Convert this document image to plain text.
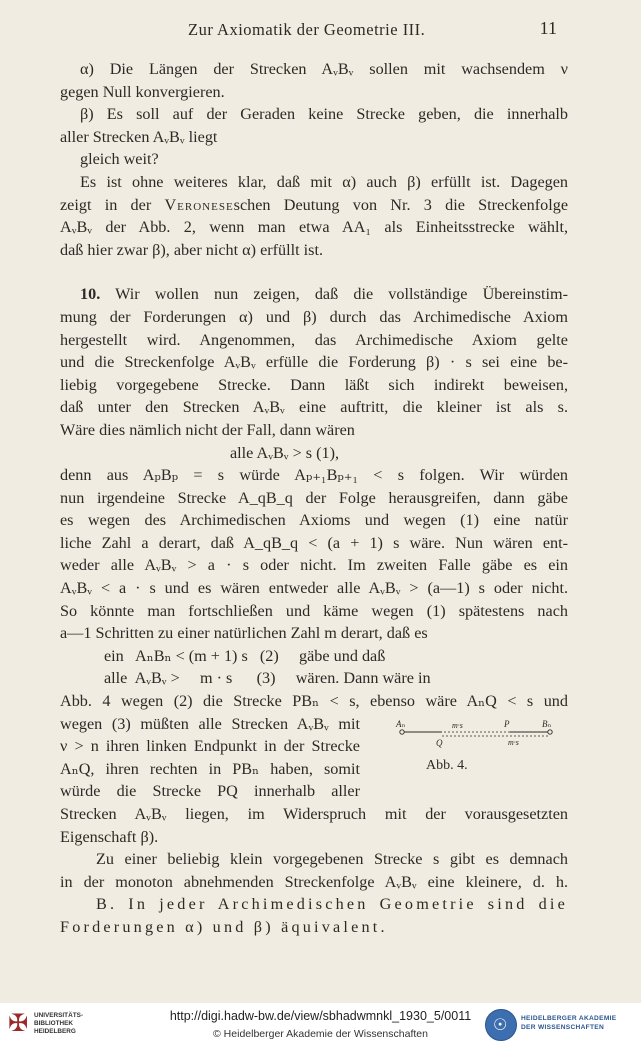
Zur Axiomatik der Geometrie III.	11
α) Die Längen der Strecken AᵥBᵥ sollen mit wachsendem ν
gegen Null konvergieren.
β) Es soll auf der Geraden keine Strecke geben, die innerhalb
aller Strecken AᵥBᵥ liegt
gleich weit?
Es ist ohne weiteres klar, daß mit α) auch β) erfüllt ist. Dagegen
zeigt in der Veroneseschen Deutung von Nr. 3 die Streckenfolge
AᵥBᵥ der Abb. 2, wenn man etwa AA₁ als Einheitsstrecke wählt,
daß hier zwar β), aber nicht α) erfüllt ist.
10. Wir wollen nun zeigen, daß die vollständige Übereinstim-
mung der Forderungen α) und β) durch das Archimedische Axiom
hergestellt wird. Angenommen, das Archimedische Axiom gelte
und die Streckenfolge AᵥBᵥ erfülle die Forderung β) · s sei eine be-
liebig vorgegebene Strecke. Dann läßt sich indirekt beweisen,
daß unter den Strecken AᵥBᵥ eine auftritt, die kleiner ist als s.
Wäre dies nämlich nicht der Fall, dann wären
alle AᵥBᵥ > s (1),
denn aus AₚBₚ = s würde Aₚ₊₁Bₚ₊₁ < s folgen. Wir würden
nun irgendeine Strecke A_qB_q der Folge herausgreifen, dann gäbe
es wegen des Archimedischen Axioms und wegen (1) eine natür
liche Zahl a derart, daß A_qB_q < (a + 1) s wäre. Nun wären ent-
weder alle AᵥBᵥ > a · s oder nicht. Im zweiten Falle gäbe es ein
AᵥBᵥ < a · s und es wären entweder alle AᵥBᵥ > (a—1) s oder nicht.
So könnte man fortschließen und käme wegen (1) spätestens nach
a—1 Schritten zu einer natürlichen Zahl m derart, daß es
ein   AₙBₙ < (m + 1) s   (2)     gäbe und daß
alle  AᵥBᵥ >     m · s      (3)     wären. Dann wäre in
Abb. 4 wegen (2) die Strecke PBₙ < s, ebenso wäre AₙQ < s und
Aₙ	m·s	P	Bₙ
Q	m·s
Abb. 4.
wegen (3) müßten alle Strecken AᵥBᵥ mit
ν > n ihren linken Endpunkt in der Strecke
AₙQ, ihren rechten in PBₙ haben, somit
würde die Strecke PQ innerhalb aller
Strecken AᵥBᵥ liegen, im Widerspruch mit der vorausgesetzten
Eigenschaft β).
Zu einer beliebig klein vorgegebenen Strecke s gibt es demnach
in der monoton abnehmenden Streckenfolge AᵥBᵥ eine kleinere, d. h.
B. In jeder Archimedischen Geometrie sind die
Forderungen α) und β) äquivalent.
✠ UNIVERSITÄTS-
BIBLIOTHEK
HEIDELBERG
http://digi.hadw-bw.de/view/sbhadwmnkl_1930_5/0011
© Heidelberger Akademie der Wissenschaften	☉ HEIDELBERGER AKADEMIE
DER WISSENSCHAFTEN
